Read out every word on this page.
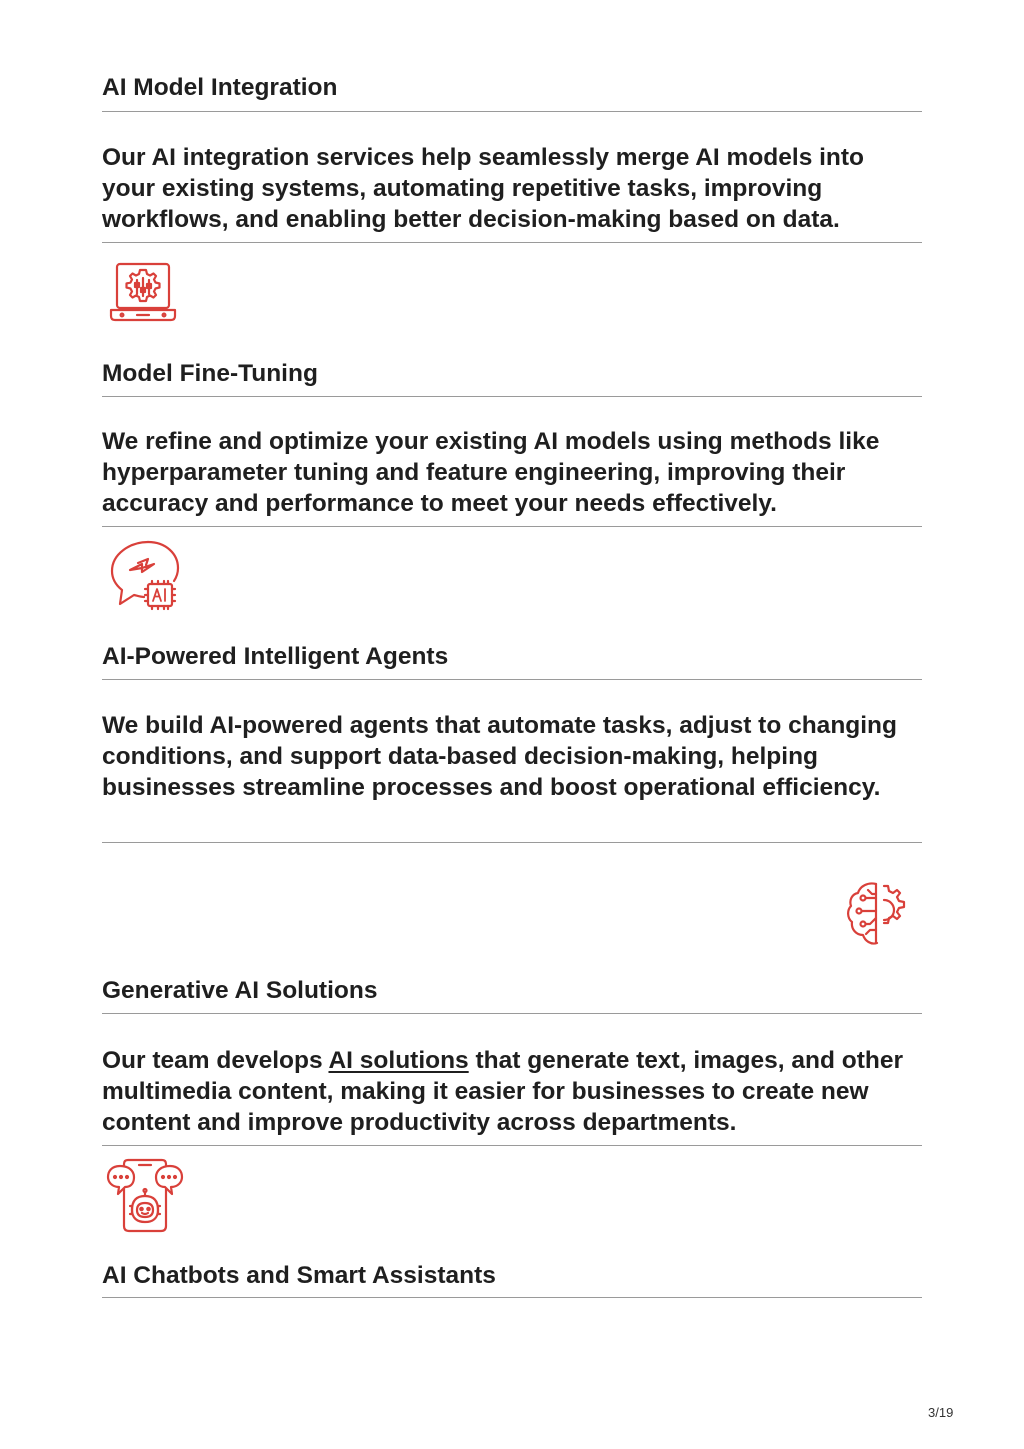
AI Model Integration

Our AI integration services help seamlessly merge AI models into your existing systems, automating repetitive tasks, improving workflows, and enabling better decision-making based on data.

Model Fine-Tuning

We refine and optimize your existing AI models using methods like hyperparameter tuning and feature engineering, improving their accuracy and performance to meet your needs effectively.

AI-Powered Intelligent Agents

We build AI-powered agents that automate tasks, adjust to changing conditions, and support data-based decision-making, helping businesses streamline processes and boost operational efficiency.

Generative AI Solutions

Our team develops AI solutions that generate text, images, and other multimedia content, making it easier for businesses to create new content and improve productivity across departments.

AI Chatbots and Smart Assistants

3/19
